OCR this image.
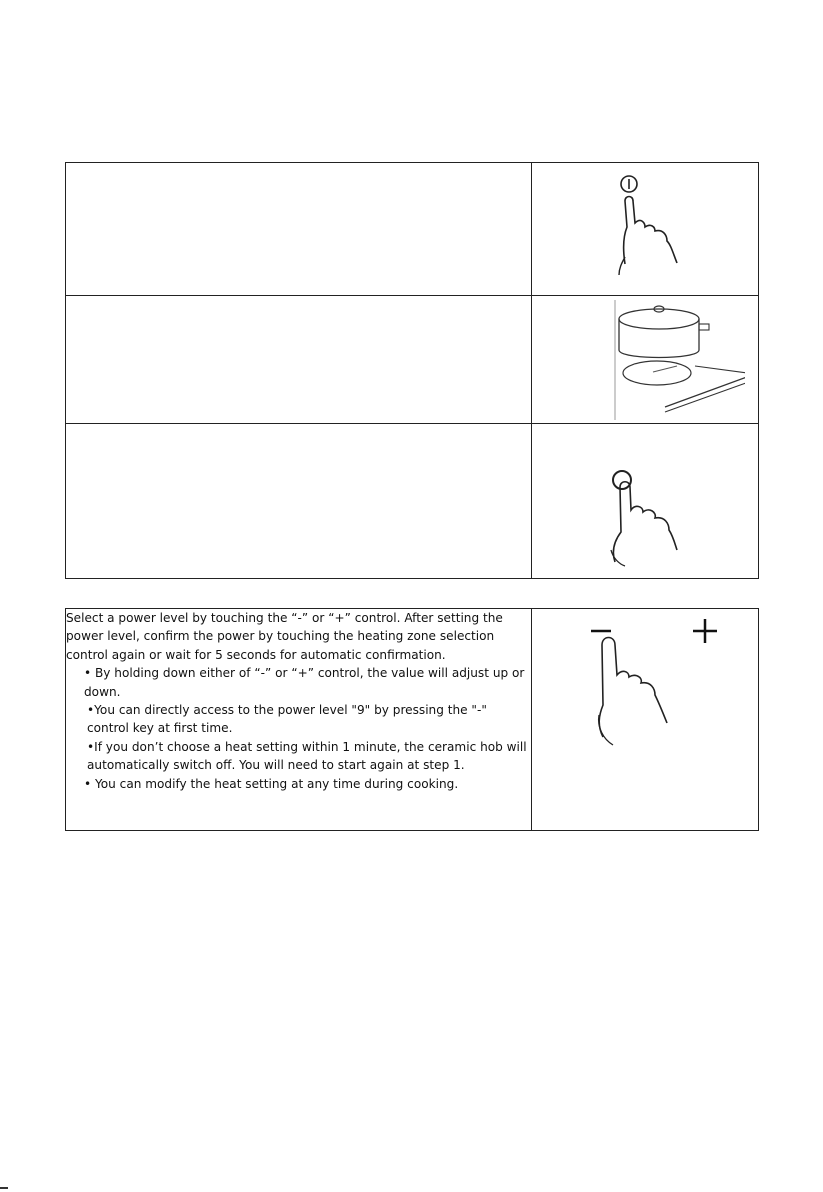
Select a power level by touching the “-” or “+” control. After setting the power level, confirm the power by touching the heating zone selection control again or wait for 5 seconds for automatic confirmation.

• By holding down either of “-” or “+” control, the value will adjust up or down.

•You can directly access to the power level "9" by pressing the "-" control key at first time.

•If you don’t choose a heat setting within 1 minute, the ceramic hob will automatically switch off. You will need to start again at step 1.

• You can modify the heat setting at any time during cooking.
